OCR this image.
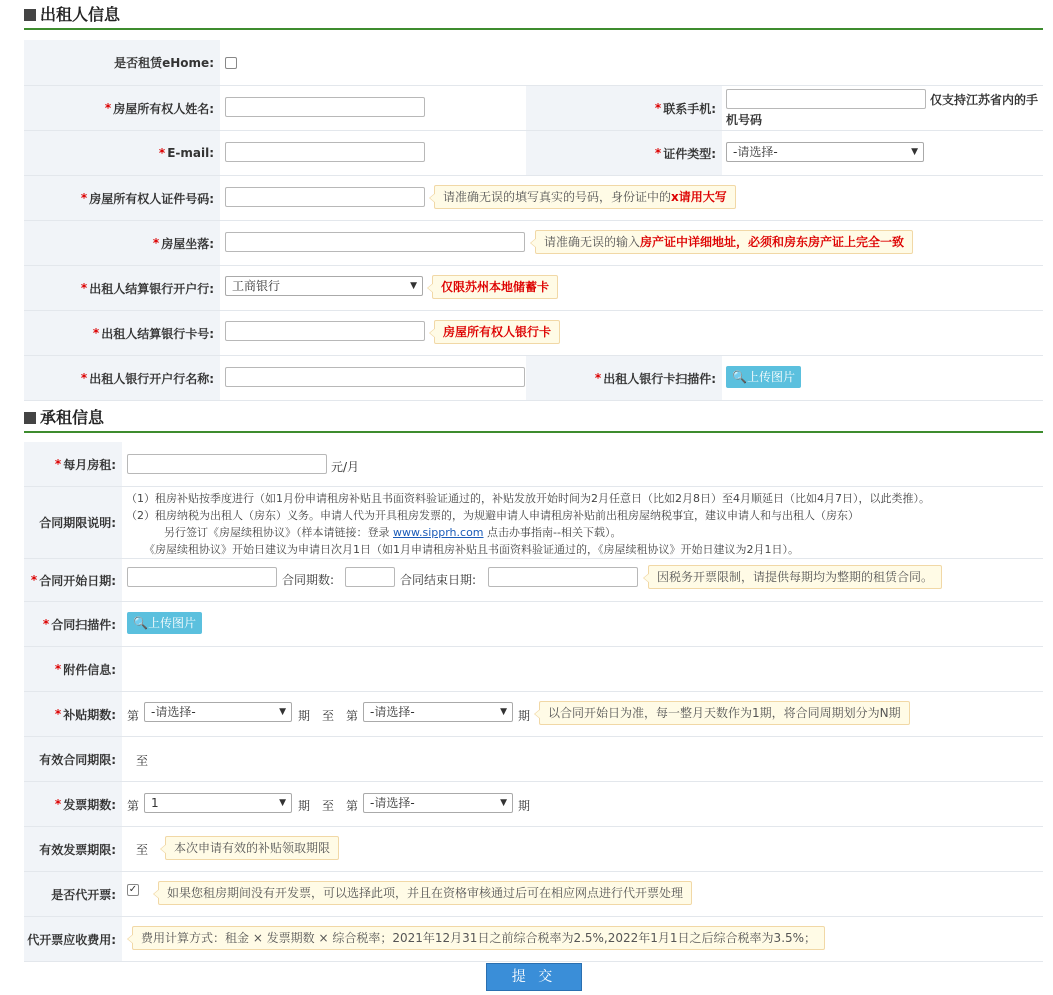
出租人信息
是否租赁eHome:
* 房屋所有权人姓名:	* 联系手机:
仅支持江苏省内的手
机号码
* E-mail:	* 证件类型:	-请选择-	▼
* 房屋所有权人证件号码:	请准确无误的填写真实的号码，身份证中的x请用大写
* 房屋坐落:	请准确无误的输入房产证中详细地址，必须和房东房产证上完全一致
* 出租人结算银行开户行:	工商银行	▼	仅限苏州本地储蓄卡
* 出租人结算银行卡号:	房屋所有权人银行卡
* 出租人银行开户行名称:	* 出租人银行卡扫描件:	🔍上传图片
承租信息
* 每月房租:	元/月
合同期限说明:
（1）租房补贴按季度进行（如1月份申请租房补贴且书面资料验证通过的，补贴发放开始时间为2月任意日（比如2月8日）至4月顺延日（比如4月7日），以此类推）。
（2）租房纳税为出租人（房东）义务。申请人代为开具租房发票的，为规避申请人申请租房补贴前出租房屋纳税事宜，建议申请人和与出租人（房东）
另行签订《房屋续租协议》（样本请链接：登录 www.sipprh.com 点击办事指南--相关下载）。
《房屋续租协议》开始日建议为申请日次月1日（如1月申请租房补贴且书面资料验证通过的，《房屋续租协议》开始日建议为2月1日）。
* 合同开始日期:	合同期数:	合同结束日期:	因税务开票限制，请提供每期均为整期的租赁合同。
* 合同扫描件:	🔍上传图片
* 附件信息:
* 补贴期数: 第 -请选择-	▼ 期 至 第 -请选择-	▼ 期	以合同开始日为准，每一整月天数作为1期，将合同周期划分为N期
有效合同期限: 至
* 发票期数: 第 1	▼ 期 至 第 -请选择-	▼ 期
有效发票期限: 至	本次申请有效的补贴领取期限
是否代开票: ✓	如果您租房期间没有开发票，可以选择此项，并且在资格审核通过后可在相应网点进行代开票处理
代开票应收费用:	费用计算方式：租金 × 发票期数 × 综合税率；2021年12月31日之前综合税率为2.5%,2022年1月1日之后综合税率为3.5%；
提 交
